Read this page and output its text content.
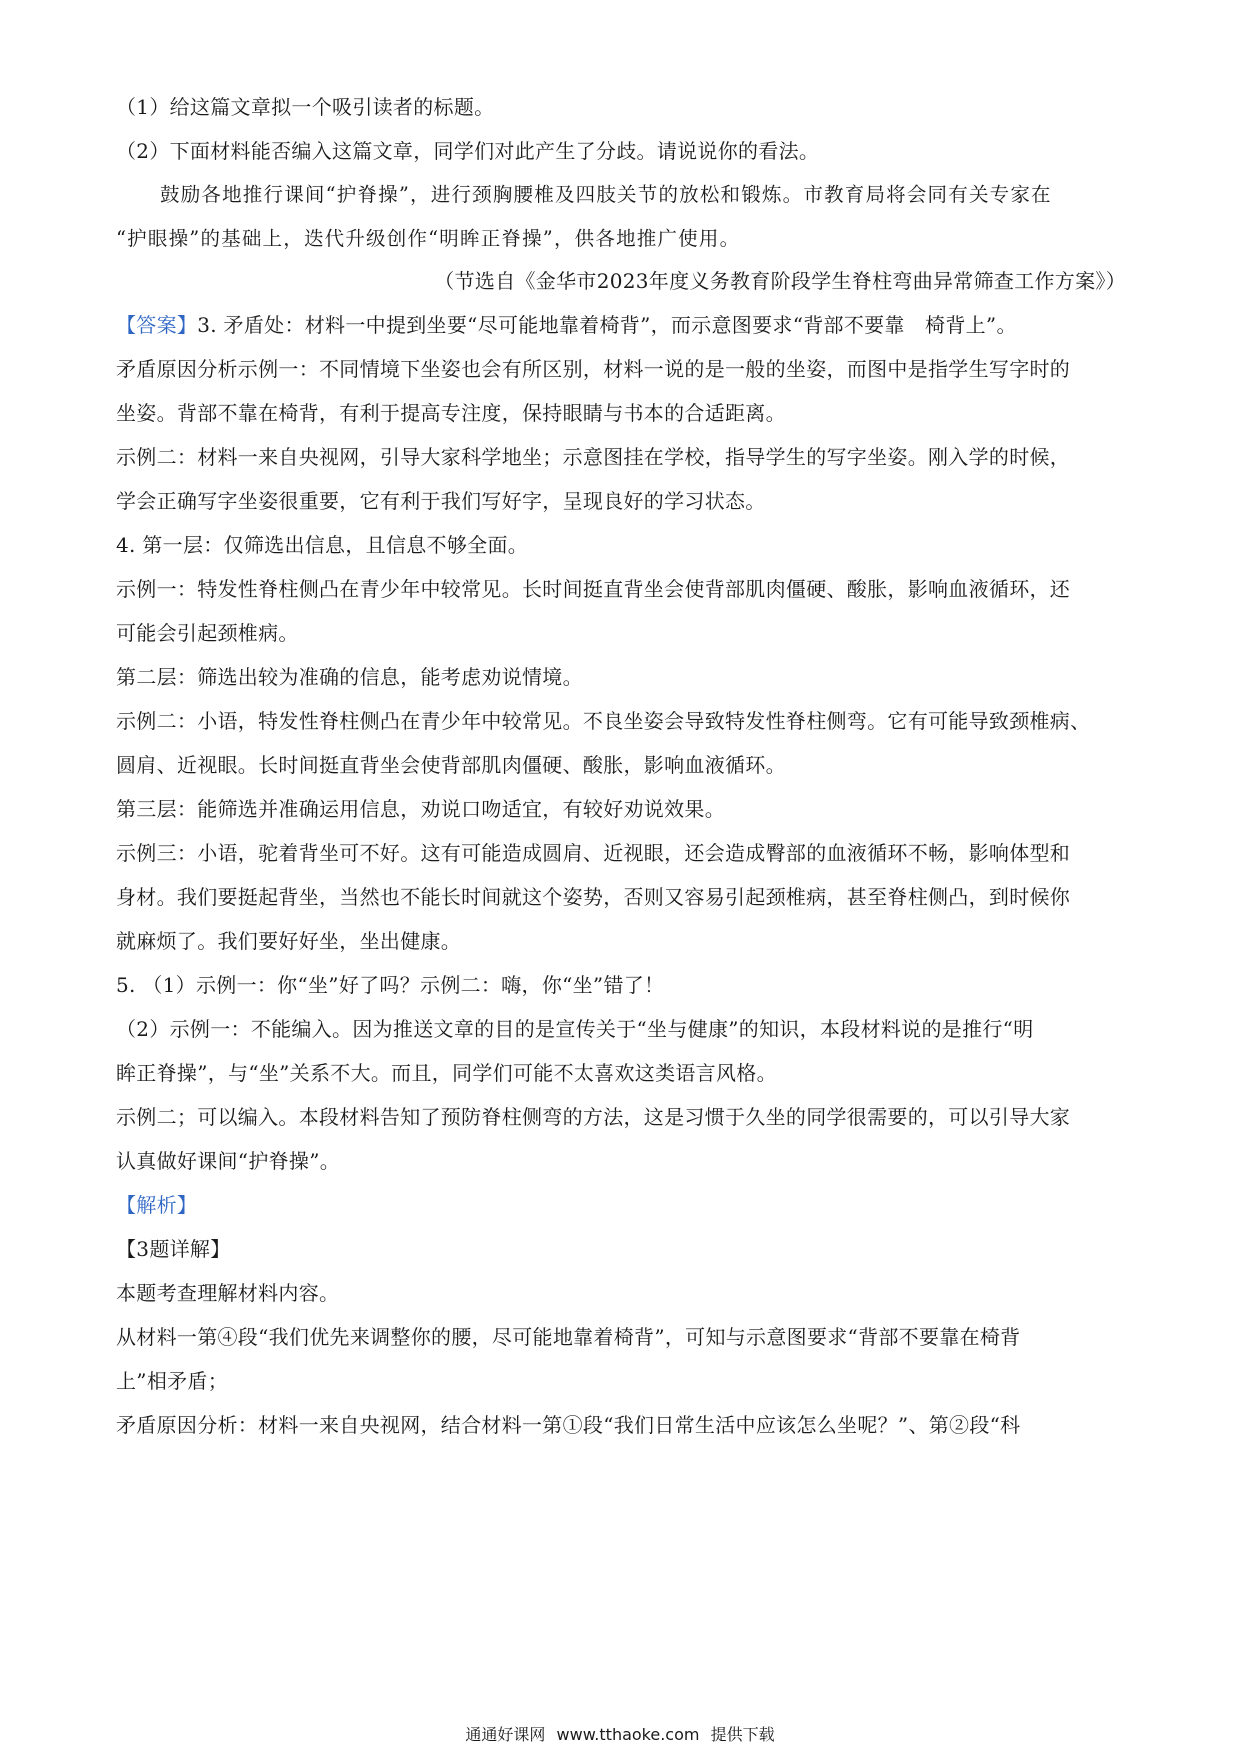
（1）给这篇文章拟一个吸引读者的标题。
（2）下面材料能否编入这篇文章，同学们对此产生了分歧。请说说你的看法。
鼓励各地推行课间“护脊操”，进行颈胸腰椎及四肢关节的放松和锻炼。市教育局将会同有关专家在
“护眼操”的基础上，迭代升级创作“明眸正脊操”，供各地推广使用。
（节选自《金华市2023年度义务教育阶段学生脊柱弯曲异常筛查工作方案》）
【答案】3. 矛盾处：材料一中提到坐要“尽可能地靠着椅背”，而示意图要求“背部不要靠　椅背上”。
矛盾原因分析示例一：不同情境下坐姿也会有所区别，材料一说的是一般的坐姿，而图中是指学生写字时的
坐姿。背部不靠在椅背，有利于提高专注度，保持眼睛与书本的合适距离。
示例二：材料一来自央视网，引导大家科学地坐；示意图挂在学校，指导学生的写字坐姿。刚入学的时候，
学会正确写字坐姿很重要，它有利于我们写好字，呈现良好的学习状态。
4. 第一层：仅筛选出信息，且信息不够全面。
示例一：特发性脊柱侧凸在青少年中较常见。长时间挺直背坐会使背部肌肉僵硬、酸胀，影响血液循环，还
可能会引起颈椎病。
第二层：筛选出较为准确的信息，能考虑劝说情境。
示例二：小语，特发性脊柱侧凸在青少年中较常见。不良坐姿会导致特发性脊柱侧弯。它有可能导致颈椎病、
圆肩、近视眼。长时间挺直背坐会使背部肌肉僵硬、酸胀，影响血液循环。
第三层：能筛选并准确运用信息，劝说口吻适宜，有较好劝说效果。
示例三：小语，驼着背坐可不好。这有可能造成圆肩、近视眼，还会造成臀部的血液循环不畅，影响体型和
身材。我们要挺起背坐，当然也不能长时间就这个姿势，否则又容易引起颈椎病，甚至脊柱侧凸，到时候你
就麻烦了。我们要好好坐，坐出健康。
5. （1）示例一：你“坐”好了吗？示例二：嗨，你“坐”错了！
（2）示例一：不能编入。因为推送文章的目的是宣传关于“坐与健康”的知识，本段材料说的是推行“明
眸正脊操”，与“坐”关系不大。而且，同学们可能不太喜欢这类语言风格。
示例二；可以编入。本段材料告知了预防脊柱侧弯的方法，这是习惯于久坐的同学很需要的，可以引导大家
认真做好课间“护脊操”。
【解析】
【3题详解】
本题考查理解材料内容。
从材料一第④段“我们优先来调整你的腰，尽可能地靠着椅背”，可知与示意图要求“背部不要靠在椅背
上”相矛盾；
矛盾原因分析：材料一来自央视网，结合材料一第①段“我们日常生活中应该怎么坐呢？”、第②段“科
通通好课网 www.tthaoke.com 提供下载
